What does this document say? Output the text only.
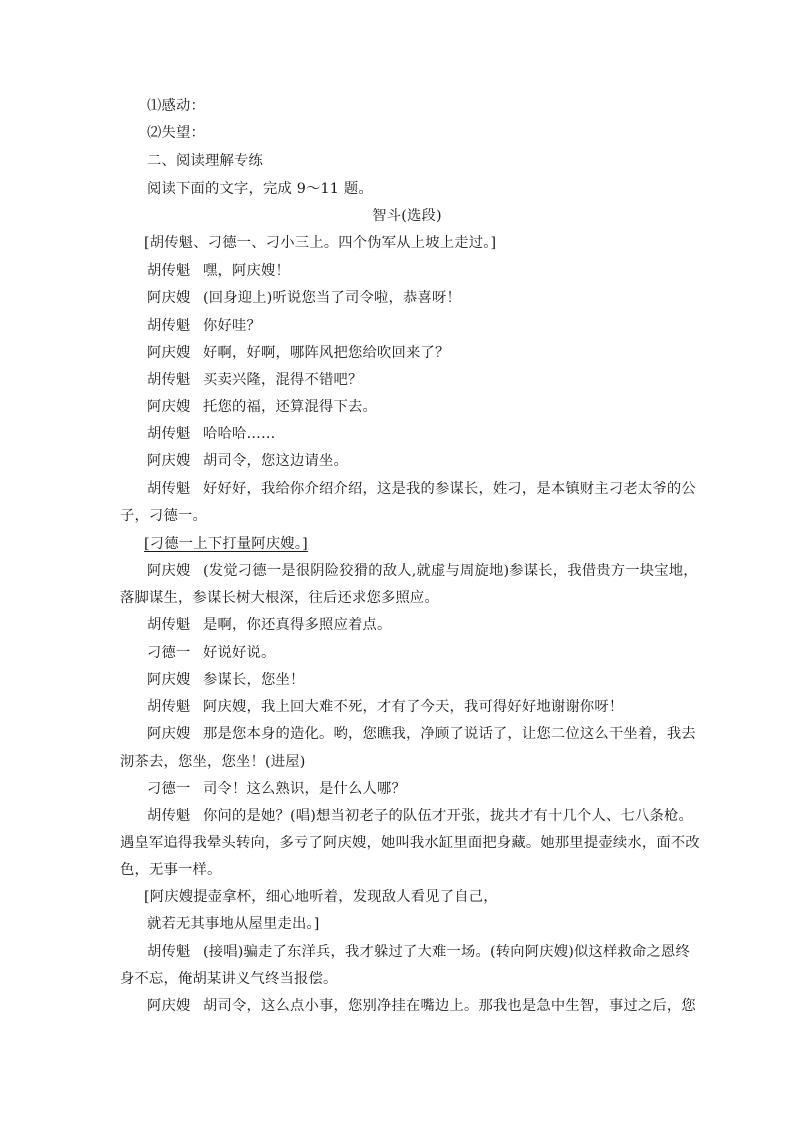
⑴感动：
⑵失望：
二、阅读理解专练
阅读下面的文字，完成 9～11 题。
智斗(选段)
[胡传魁、刁德一、刁小三上。四个伪军从上坡上走过。]
胡传魁 嘿，阿庆嫂！
阿庆嫂 (回身迎上)听说您当了司令啦，恭喜呀！
胡传魁 你好哇？
阿庆嫂 好啊，好啊，哪阵风把您给吹回来了？
胡传魁 买卖兴隆，混得不错吧？
阿庆嫂 托您的福，还算混得下去。
胡传魁 哈哈哈……
阿庆嫂 胡司令，您这边请坐。
胡传魁 好好好，我给你介绍介绍，这是我的参谋长，姓刁，是本镇财主刁老太爷的公
子，刁德一。
[刁德一上下打量阿庆嫂。]
阿庆嫂 (发觉刁德一是很阴险狡猾的敌人,就虚与周旋地)参谋长，我借贵方一块宝地，
落脚谋生，参谋长树大根深，往后还求您多照应。
胡传魁 是啊，你还真得多照应着点。
刁德一 好说好说。
阿庆嫂 参谋长，您坐！
胡传魁 阿庆嫂，我上回大难不死，才有了今天，我可得好好地谢谢你呀！
阿庆嫂 那是您本身的造化。哟，您瞧我，净顾了说话了，让您二位这么干坐着，我去
沏茶去，您坐，您坐！(进屋)
刁德一 司令！这么熟识，是什么人哪？
胡传魁 你问的是她？(唱)想当初老子的队伍才开张，拢共才有十几个人、七八条枪。
遇皇军追得我晕头转向，多亏了阿庆嫂，她叫我水缸里面把身藏。她那里提壶续水，面不改
色，无事一样。
[阿庆嫂提壶拿杯，细心地听着，发现敌人看见了自己，
就若无其事地从屋里走出。]
胡传魁 (接唱)骗走了东洋兵，我才躲过了大难一场。(转向阿庆嫂)似这样救命之恩终
身不忘，俺胡某讲义气终当报偿。
阿庆嫂 胡司令，这么点小事，您别净挂在嘴边上。那我也是急中生智，事过之后，您
